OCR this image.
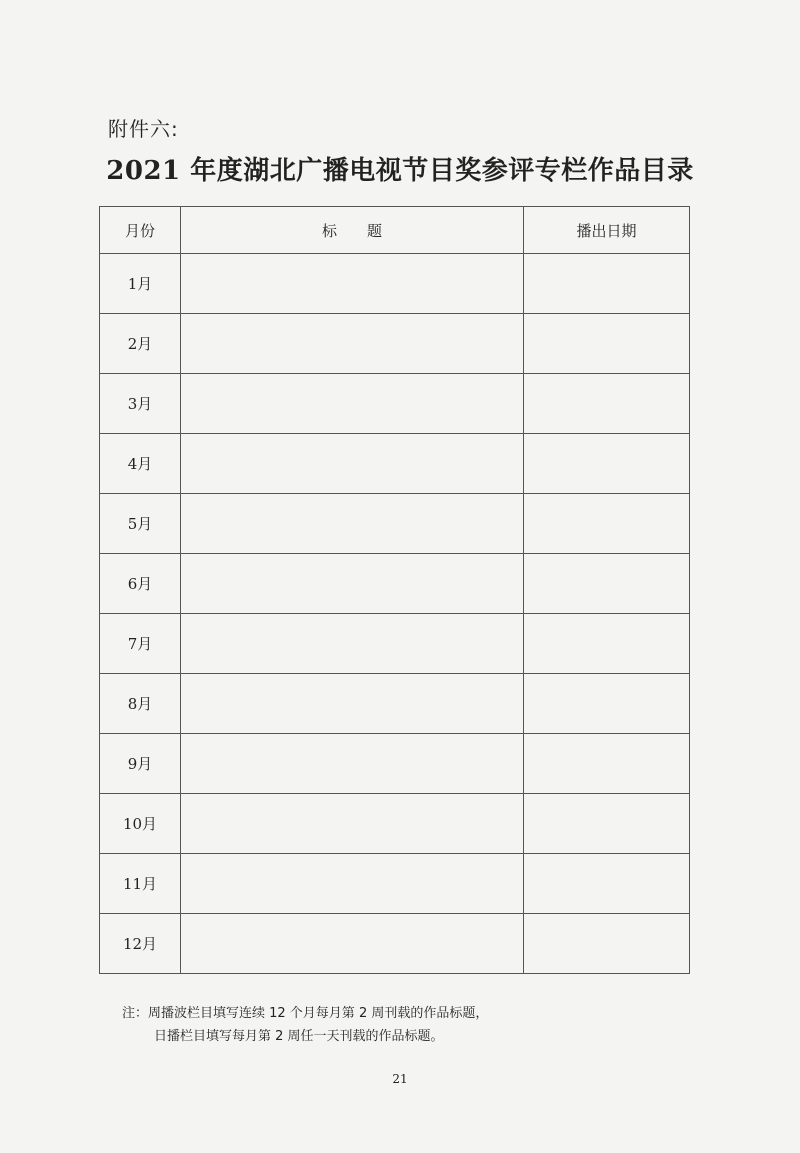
附件六:
2021 年度湖北广播电视节目奖参评专栏作品目录
月份	标　　题	播出日期
1月		
2月		
3月		
4月		
5月		
6月		
7月		
8月		
9月		
10月		
11月		
12月		
注：周播波栏目填写连续 12 个月每月第 2 周刊载的作品标题，
日播栏目填写每月第 2 周任一天刊载的作品标题。
21
